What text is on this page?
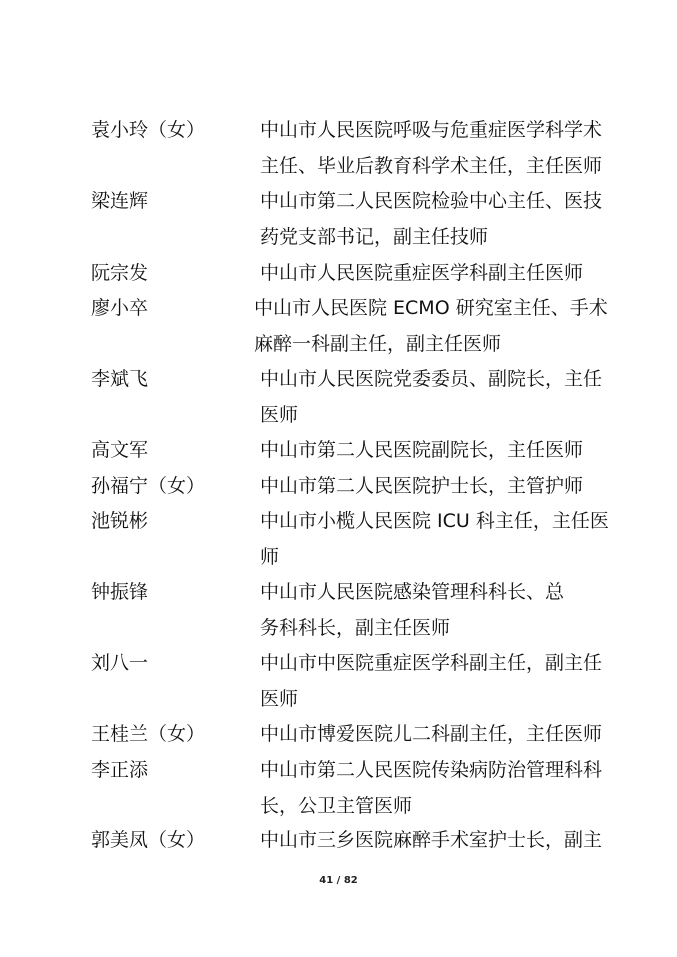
袁小玲（女）	中山市人民医院呼吸与危重症医学科学术
主任、毕业后教育科学术主任，主任医师
梁连辉	中山市第二人民医院检验中心主任、医技
药党支部书记，副主任技师
阮宗发	中山市人民医院重症医学科副主任医师
廖小卒	中山市人民医院 ECMO 研究室主任、手术
麻醉一科副主任，副主任医师
李斌飞	中山市人民医院党委委员、副院长，主任
医师
高文军	中山市第二人民医院副院长，主任医师
孙福宁（女）	中山市第二人民医院护士长，主管护师
池锐彬	中山市小榄人民医院 ICU 科主任，主任医
师
钟振锋	中山市人民医院感染管理科科长、总
务科科长，副主任医师
刘八一	中山市中医院重症医学科副主任，副主任
医师
王桂兰（女）	中山市博爱医院儿二科副主任，主任医师
李正添	中山市第二人民医院传染病防治管理科科
长，公卫主管医师
郭美凤（女）	中山市三乡医院麻醉手术室护士长，副主
41 / 82
